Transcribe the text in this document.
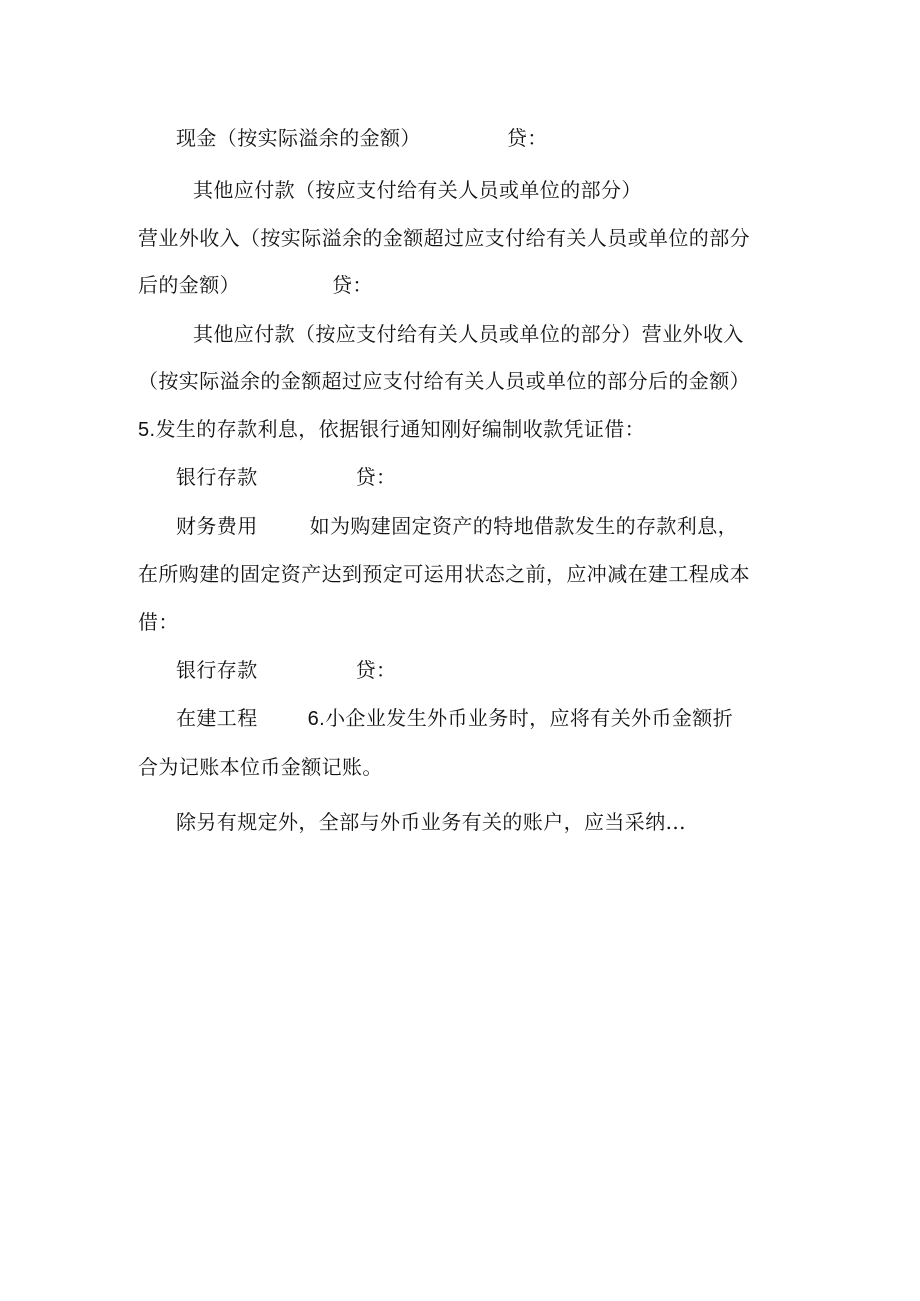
现金（按实际溢余的金额）	贷：
其他应付款（按应支付给有关人员或单位的部分）
营业外收入（按实际溢余的金额超过应支付给有关人员或单位的部分
后的金额）	贷：
其他应付款（按应支付给有关人员或单位的部分）营业外收入
（按实际溢余的金额超过应支付给有关人员或单位的部分后的金额）
5.发生的存款利息，依据银行通知刚好编制收款凭证借：
银行存款	贷：
财务费用	如为购建固定资产的特地借款发生的存款利息，
在所购建的固定资产达到预定可运用状态之前，应冲减在建工程成本
借：
银行存款	贷：
在建工程	6.小企业发生外币业务时，应将有关外币金额折
合为记账本位币金额记账。
除另有规定外，全部与外币业务有关的账户，应当采纳...
